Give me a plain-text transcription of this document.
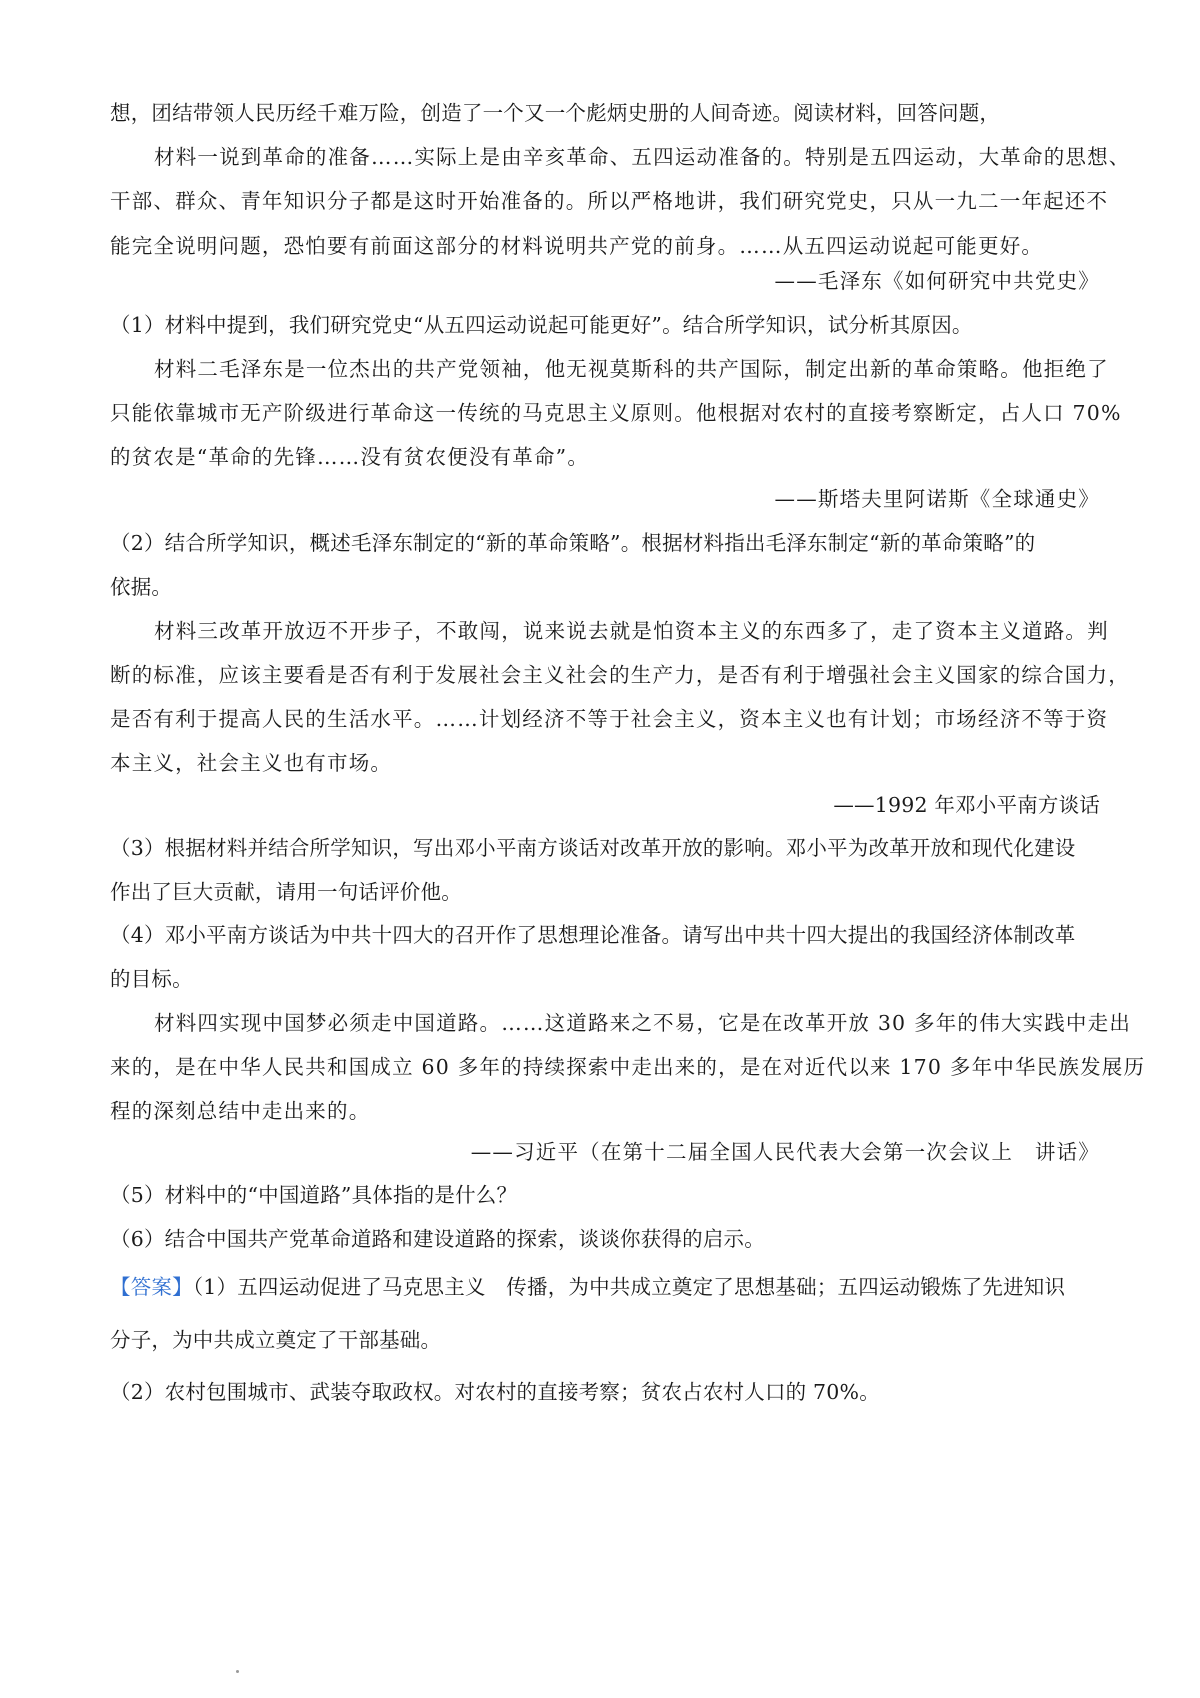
想，团结带领人民历经千难万险，创造了一个又一个彪炳史册的人间奇迹。阅读材料，回答问题，
材料一说到革命的准备……实际上是由辛亥革命、五四运动准备的。特别是五四运动，大革命的思想、
干部、群众、青年知识分子都是这时开始准备的。所以严格地讲，我们研究党史，只从一九二一年起还不
能完全说明问题，恐怕要有前面这部分的材料说明共产党的前身。……从五四运动说起可能更好。
——毛泽东《如何研究中共党史》
（1）材料中提到，我们研究党史“从五四运动说起可能更好”。结合所学知识，试分析其原因。
材料二毛泽东是一位杰出的共产党领袖，他无视莫斯科的共产国际，制定出新的革命策略。他拒绝了
只能依靠城市无产阶级进行革命这一传统的马克思主义原则。他根据对农村的直接考察断定，占人口 70%
的贫农是“革命的先锋……没有贫农便没有革命”。
——斯塔夫里阿诺斯《全球通史》
（2）结合所学知识，概述毛泽东制定的“新的革命策略”。根据材料指出毛泽东制定“新的革命策略”的
依据。
材料三改革开放迈不开步子，不敢闯，说来说去就是怕资本主义的东西多了，走了资本主义道路。判
断的标准，应该主要看是否有利于发展社会主义社会的生产力，是否有利于增强社会主义国家的综合国力，
是否有利于提高人民的生活水平。……计划经济不等于社会主义，资本主义也有计划；市场经济不等于资
本主义，社会主义也有市场。
——1992 年邓小平南方谈话
（3）根据材料并结合所学知识，写出邓小平南方谈话对改革开放的影响。邓小平为改革开放和现代化建设
作出了巨大贡献，请用一句话评价他。
（4）邓小平南方谈话为中共十四大的召开作了思想理论准备。请写出中共十四大提出的我国经济体制改革
的目标。
材料四实现中国梦必须走中国道路。……这道路来之不易，它是在改革开放 30 多年的伟大实践中走出
来的，是在中华人民共和国成立 60 多年的持续探索中走出来的，是在对近代以来 170 多年中华民族发展历
程的深刻总结中走出来的。
——习近平（在第十二届全国人民代表大会第一次会议上　讲话》
（5）材料中的“中国道路”具体指的是什么？
（6）结合中国共产党革命道路和建设道路的探索，谈谈你获得的启示。
【答案】（1）五四运动促进了马克思主义　传播，为中共成立奠定了思想基础；五四运动锻炼了先进知识
分子，为中共成立奠定了干部基础。
（2）农村包围城市、武装夺取政权。对农村的直接考察；贫农占农村人口的 70%。
